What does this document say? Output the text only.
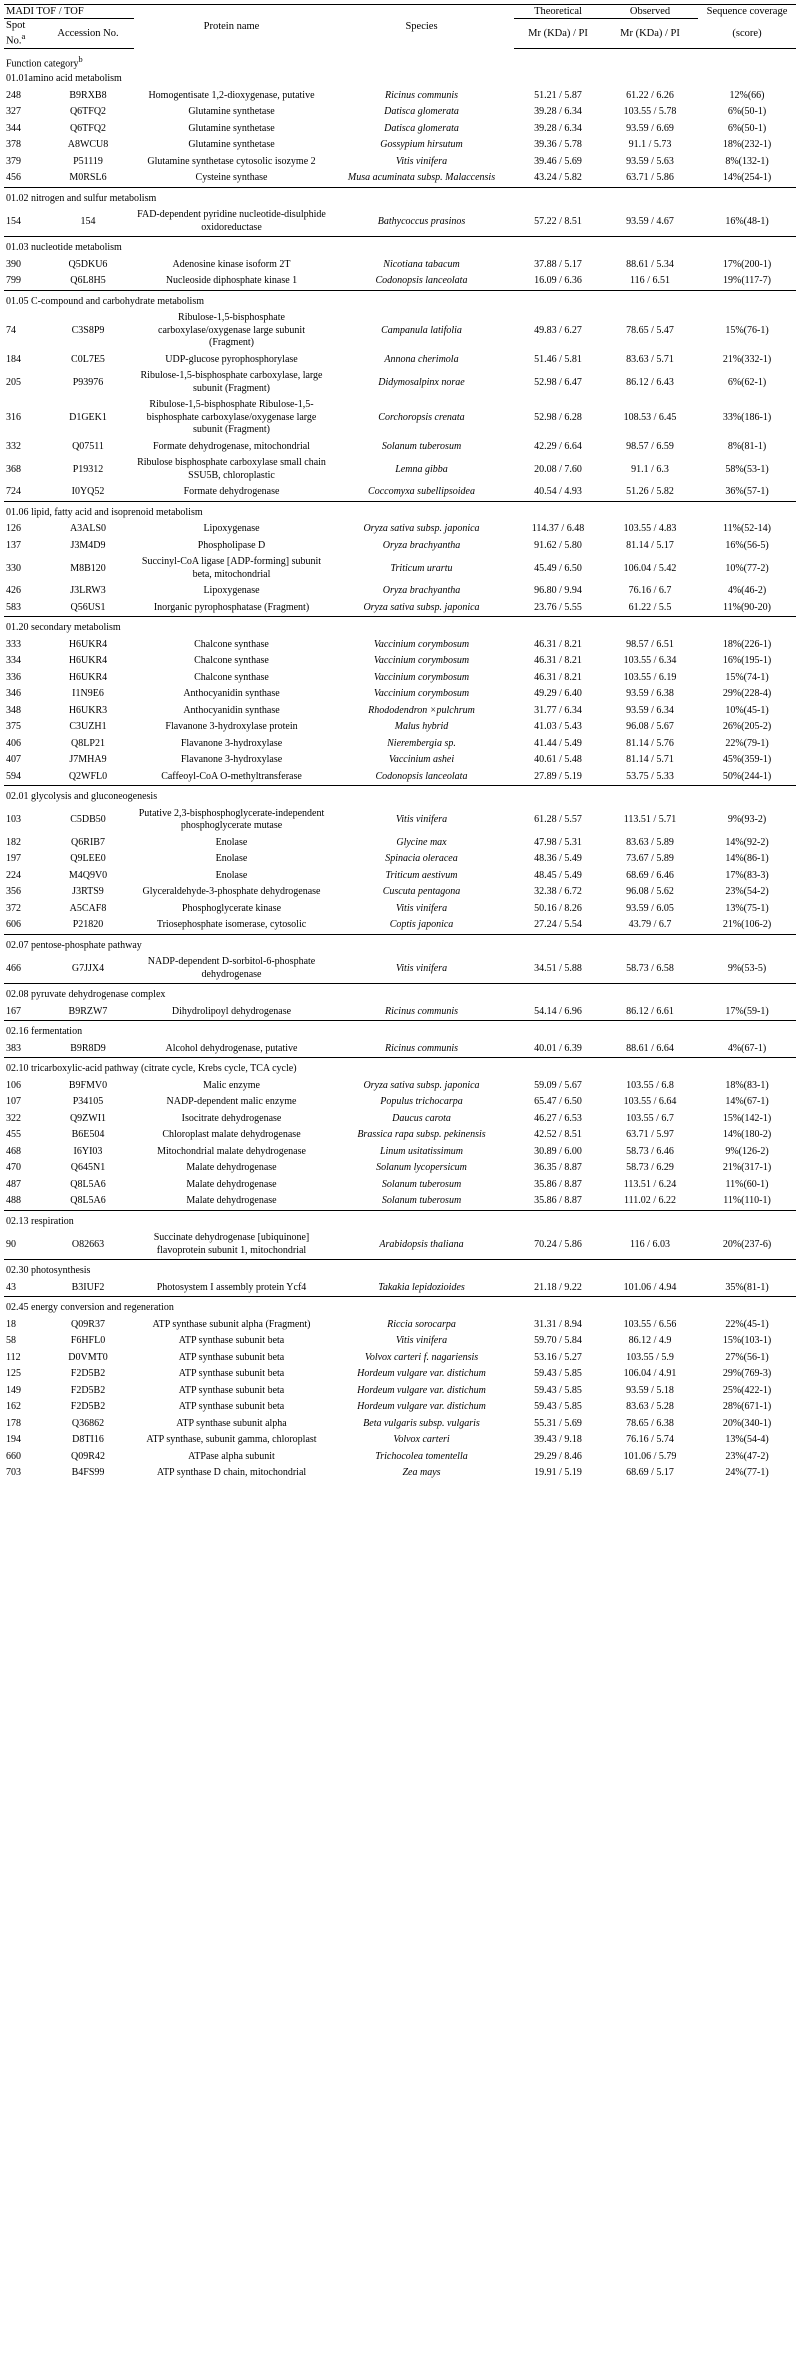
MADI TOF / TOF		Protein name	Species	Theoretical	Observed	Sequence coverage
Spot No.$^a$	Accession No.			Mr (KDa) / PI	Mr (KDa) / PI	(score)
Function category$^b$
01.01amino acid metabolism						
248	B9RXB8	Homogentisate 1,2-dioxygenase, putative	Ricinus communis	51.21 / 5.87	61.22 / 6.26	12%(66)
327	Q6TFQ2	Glutamine synthetase	Datisca glomerata	39.28 / 6.34	103.55 / 5.78	6%(50-1)
344	Q6TFQ2	Glutamine synthetase	Datisca glomerata	39.28 / 6.34	93.59 / 6.69	6%(50-1)
378	A8WCU8	Glutamine synthetase	Gossypium hirsutum	39.36 / 5.78	91.1 / 5.73	18%(232-1)
379	P51119	Glutamine synthetase cytosolic isozyme 2	Vitis vinifera	39.46 / 5.69	93.59 / 5.63	8%(132-1)
456	M0RSL6	Cysteine synthase	Musa acuminata subsp. Malaccensis	43.24 / 5.82	63.71 / 5.86	14%(254-1)
01.02 nitrogen and sulfur metabolism						
154	154	FAD-dependent pyridine nucleotide-disulphide oxidoreductase	Bathycoccus prasinos	57.22 / 8.51	93.59 / 4.67	16%(48-1)
01.03 nucleotide metabolism						
390	Q5DKU6	Adenosine kinase isoform 2T	Nicotiana tabacum	37.88 / 5.17	88.61 / 5.34	17%(200-1)
799	Q6L8H5	Nucleoside diphosphate kinase 1	Codonopsis lanceolata	16.09 / 6.36	116 / 6.51	19%(117-7)
01.05 C-compound and carbohydrate metabolism						
74	C3S8P9	Ribulose-1,5-bisphosphate carboxylase/oxygenase large subunit (Fragment)	Campanula latifolia	49.83 / 6.27	78.65 / 5.47	15%(76-1)
184	C0L7E5	UDP-glucose pyrophosphorylase	Annona cherimola	51.46 / 5.81	83.63 / 5.71	21%(332-1)
205	P93976	Ribulose-1,5-bisphosphate carboxylase, large subunit (Fragment)	Didymosalpinx norae	52.98 / 6.47	86.12 / 6.43	6%(62-1)
316	D1GEK1	Ribulose-1,5-bisphosphate Ribulose-1,5-bisphosphate carboxylase/oxygenase large subunit (Fragment)	Corchoropsis crenata	52.98 / 6.28	108.53 / 6.45	33%(186-1)
332	Q07511	Formate dehydrogenase, mitochondrial	Solanum tuberosum	42.29 / 6.64	98.57 / 6.59	8%(81-1)
368	P19312	Ribulose bisphosphate carboxylase small chain SSU5B, chloroplastic	Lemna gibba	20.08 / 7.60	91.1 / 6.3	58%(53-1)
724	I0YQ52	Formate dehydrogenase	Coccomyxa subellipsoidea	40.54 / 4.93	51.26 / 5.82	36%(57-1)
01.06 lipid, fatty acid and isoprenoid metabolism						
126	A3ALS0	Lipoxygenase	Oryza sativa subsp. japonica	114.37 / 6.48	103.55 / 4.83	11%(52-14)
137	J3M4D9	Phospholipase D	Oryza brachyantha	91.62 / 5.80	81.14 / 5.17	16%(56-5)
330	M8B120	Succinyl-CoA ligase [ADP-forming] subunit beta, mitochondrial	Triticum urartu	45.49 / 6.50	106.04 / 5.42	10%(77-2)
426	J3LRW3	Lipoxygenase	Oryza brachyantha	96.80 / 9.94	76.16 / 6.7	4%(46-2)
583	Q56US1	Inorganic pyrophosphatase (Fragment)	Oryza sativa subsp. japonica	23.76 / 5.55	61.22 / 5.5	11%(90-20)
01.20 secondary metabolism						
333	H6UKR4	Chalcone synthase	Vaccinium corymbosum	46.31 / 8.21	98.57 / 6.51	18%(226-1)
334	H6UKR4	Chalcone synthase	Vaccinium corymbosum	46.31 / 8.21	103.55 / 6.34	16%(195-1)
336	H6UKR4	Chalcone synthase	Vaccinium corymbosum	46.31 / 8.21	103.55 / 6.19	15%(74-1)
346	I1N9E6	Anthocyanidin synthase	Vaccinium corymbosum	49.29 / 6.40	93.59 / 6.38	29%(228-4)
348	H6UKR3	Anthocyanidin synthase	Rhododendron ×pulchrum	31.77 / 6.34	93.59 / 6.34	10%(45-1)
375	C3UZH1	Flavanone 3-hydroxylase protein	Malus hybrid	41.03 / 5.43	96.08 / 5.67	26%(205-2)
406	Q8LP21	Flavanone 3-hydroxylase	Nierembergia sp.	41.44 / 5.49	81.14 / 5.76	22%(79-1)
407	J7MHA9	Flavanone 3-hydroxylase	Vaccinium ashei	40.61 / 5.48	81.14 / 5.71	45%(359-1)
594	Q2WFL0	Caffeoyl-CoA O-methyltransferase	Codonopsis lanceolata	27.89 / 5.19	53.75 / 5.33	50%(244-1)
02.01 glycolysis and gluconeogenesis						
103	C5DB50	Putative 2,3-bisphosphoglycerate-independent phosphoglycerate mutase	Vitis vinifera	61.28 / 5.57	113.51 / 5.71	9%(93-2)
182	Q6RIB7	Enolase	Glycine max	47.98 / 5.31	83.63 / 5.89	14%(92-2)
197	Q9LEE0	Enolase	Spinacia oleracea	48.36 / 5.49	73.67 / 5.89	14%(86-1)
224	M4Q9V0	Enolase	Triticum aestivum	48.45 / 5.49	68.69 / 6.46	17%(83-3)
356	J3RTS9	Glyceraldehyde-3-phosphate dehydrogenase	Cuscuta pentagona	32.38 / 6.72	96.08 / 5.62	23%(54-2)
372	A5CAF8	Phosphoglycerate kinase	Vitis vinifera	50.16 / 8.26	93.59 / 6.05	13%(75-1)
606	P21820	Triosephosphate isomerase, cytosolic	Coptis japonica	27.24 / 5.54	43.79 / 6.7	21%(106-2)
02.07 pentose-phosphate pathway						
466	G7JJX4	NADP-dependent D-sorbitol-6-phosphate dehydrogenase	Vitis vinifera	34.51 / 5.88	58.73 / 6.58	9%(53-5)
02.08 pyruvate dehydrogenase complex						
167	B9RZW7	Dihydrolipoyl dehydrogenase	Ricinus communis	54.14 / 6.96	86.12 / 6.61	17%(59-1)
02.16 fermentation						
383	B9R8D9	Alcohol dehydrogenase, putative	Ricinus communis	40.01 / 6.39	88.61 / 6.64	4%(67-1)
02.10 tricarboxylic-acid pathway (citrate cycle, Krebs cycle, TCA cycle)						
106	B9FMV0	Malic enzyme	Oryza sativa subsp. japonica	59.09 / 5.67	103.55 / 6.8	18%(83-1)
107	P34105	NADP-dependent malic enzyme	Populus trichocarpa	65.47 / 6.50	103.55 / 6.64	14%(67-1)
322	Q9ZWI1	Isocitrate dehydrogenase	Daucus carota	46.27 / 6.53	103.55 / 6.7	15%(142-1)
455	B6E504	Chloroplast malate dehydrogenase	Brassica rapa subsp. pekinensis	42.52 / 8.51	63.71 / 5.97	14%(180-2)
468	I6YI03	Mitochondrial malate dehydrogenase	Linum usitatissimum	30.89 / 6.00	58.73 / 6.46	9%(126-2)
470	Q645N1	Malate dehydrogenase	Solanum lycopersicum	36.35 / 8.87	58.73 / 6.29	21%(317-1)
487	Q8L5A6	Malate dehydrogenase	Solanum tuberosum	35.86 / 8.87	113.51 / 6.24	11%(60-1)
488	Q8L5A6	Malate dehydrogenase	Solanum tuberosum	35.86 / 8.87	111.02 / 6.22	11%(110-1)
02.13 respiration						
90	O82663	Succinate dehydrogenase [ubiquinone] flavoprotein subunit 1, mitochondrial	Arabidopsis thaliana	70.24 / 5.86	116 / 6.03	20%(237-6)
02.30 photosynthesis						
43	B3IUF2	Photosystem I assembly protein Ycf4	Takakia lepidozioides	21.18 / 9.22	101.06 / 4.94	35%(81-1)
02.45 energy conversion and regeneration						
18	Q09R37	ATP synthase subunit alpha (Fragment)	Riccia sorocarpa	31.31 / 8.94	103.55 / 6.56	22%(45-1)
58	F6HFL0	ATP synthase subunit beta	Vitis vinifera	59.70 / 5.84	86.12 / 4.9	15%(103-1)
112	D0VMT0	ATP synthase subunit beta	Volvox carteri f. nagariensis	53.16 / 5.27	103.55 / 5.9	27%(56-1)
125	F2D5B2	ATP synthase subunit beta	Hordeum vulgare var. distichum	59.43 / 5.85	106.04 / 4.91	29%(769-3)
149	F2D5B2	ATP synthase subunit beta	Hordeum vulgare var. distichum	59.43 / 5.85	93.59 / 5.18	25%(422-1)
162	F2D5B2	ATP synthase subunit beta	Hordeum vulgare var. distichum	59.43 / 5.85	83.63 / 5.28	28%(671-1)
178	Q36862	ATP synthase subunit alpha	Beta vulgaris subsp. vulgaris	55.31 / 5.69	78.65 / 6.38	20%(340-1)
194	D8TI16	ATP synthase, subunit gamma, chloroplast	Volvox carteri	39.43 / 9.18	76.16 / 5.74	13%(54-4)
660	Q09R42	ATPase alpha subunit	Trichocolea tomentella	29.29 / 8.46	101.06 / 5.79	23%(47-2)
703	B4FS99	ATP synthase D chain, mitochondrial	Zea mays	19.91 / 5.19	68.69 / 5.17	24%(77-1)
